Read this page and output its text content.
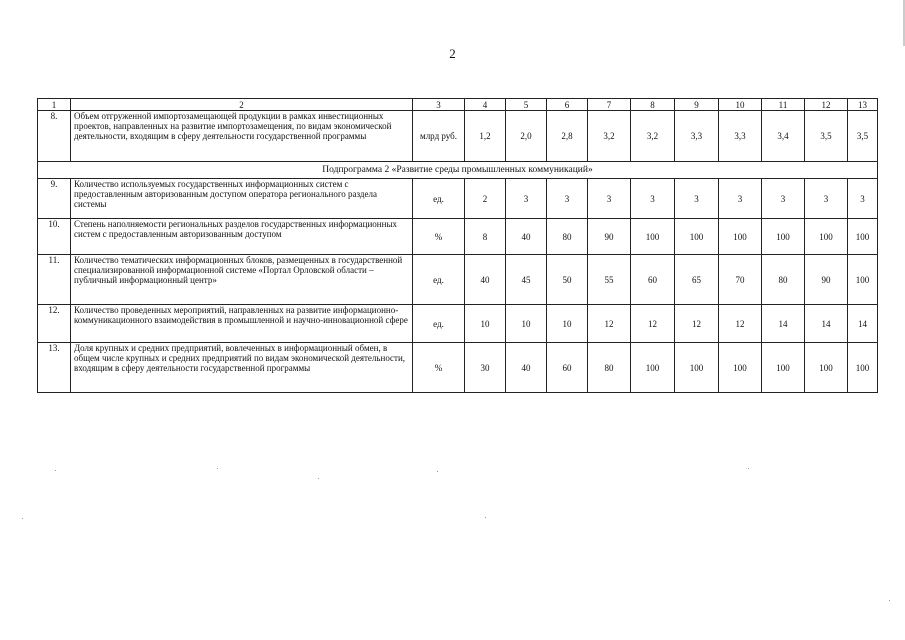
2
1	2	3	4	5	6	7	8	9	10	11	12	13
8.	Объем отгруженной импортозамещающей продукции в рамках инвестиционных проектов, направленных на развитие импортозамещения, по видам экономической деятельности, входящим в сферу деятельности государственной программы	млрд руб.	1,2	2,0	2,8	3,2	3,2	3,3	3,3	3,4	3,5	3,5
Подпрограмма 2 «Развитие среды промышленных коммуникаций»												
9.	Количество используемых государственных информационных систем с предоставленным авторизованным доступом оператора регионального раздела системы	ед.	2	3	3	3	3	3	3	3	3	3
10.	Степень наполняемости региональных разделов государственных информационных систем с предоставленным авторизованным доступом	%	8	40	80	90	100	100	100	100	100	100
11.	Количество тематических информационных блоков, размещенных в государственной специализированной информационной системе «Портал Орловской области – публичный информационный центр»	ед.	40	45	50	55	60	65	70	80	90	100
12.	Количество проведенных мероприятий, направленных на развитие информационно-коммуникационного взаимодействия в промышленной и научно-инновационной сфере	ед.	10	10	10	12	12	12	12	14	14	14
13.	Доля крупных и средних предприятий, вовлеченных в информационный обмен, в общем числе крупных и средних предприятий по видам экономической деятельности, входящим в сферу деятельности государственной программы	%	30	40	60	80	100	100	100	100	100	100
